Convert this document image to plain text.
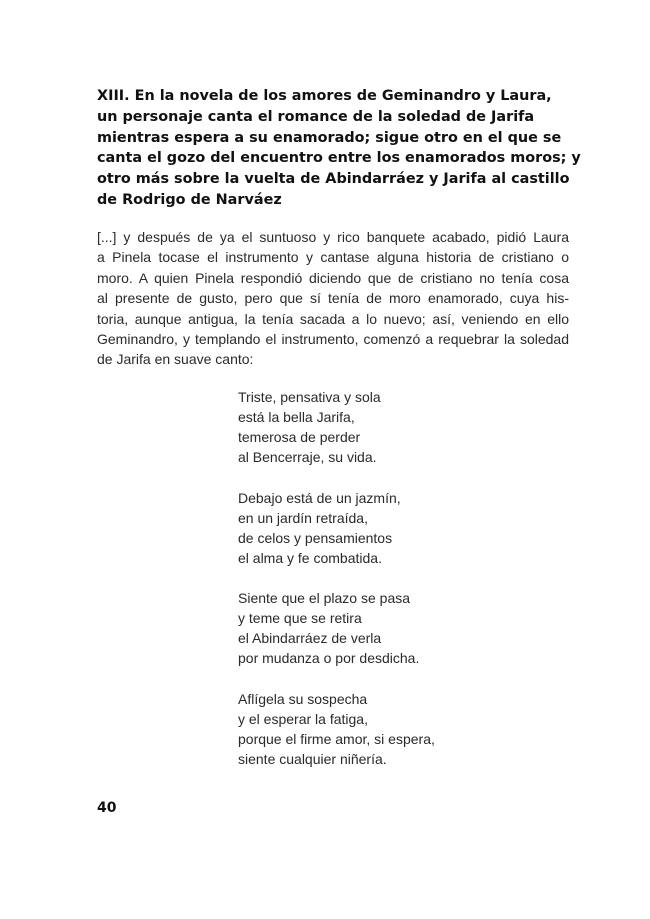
XIII. En la novela de los amores de Geminandro y Laura,
un personaje canta el romance de la soledad de Jarifa
mientras espera a su enamorado; sigue otro en el que se
canta el gozo del encuentro entre los enamorados moros; y
otro más sobre la vuelta de Abindarráez y Jarifa al castillo
de Rodrigo de Narváez
[...] y después de ya el suntuoso y rico banquete acabado, pidió Laura
a Pinela tocase el instrumento y cantase alguna historia de cristiano o
moro. A quien Pinela respondió diciendo que de cristiano no tenía cosa
al presente de gusto, pero que sí tenía de moro enamorado, cuya his-
toria, aunque antigua, la tenía sacada a lo nuevo; así, veniendo en ello
Geminandro, y templando el instrumento, comenzó a requebrar la soledad
de Jarifa en suave canto:
Triste, pensativa y sola
está la bella Jarifa,
temerosa de perder
al Bencerraje, su vida.
Debajo está de un jazmín,
en un jardín retraída,
de celos y pensamientos
el alma y fe combatida.
Siente que el plazo se pasa
y teme que se retira
el Abindarráez de verla
por mudanza o por desdicha.
Aflígela su sospecha
y el esperar la fatiga,
porque el firme amor, si espera,
siente cualquier niñería.
40
